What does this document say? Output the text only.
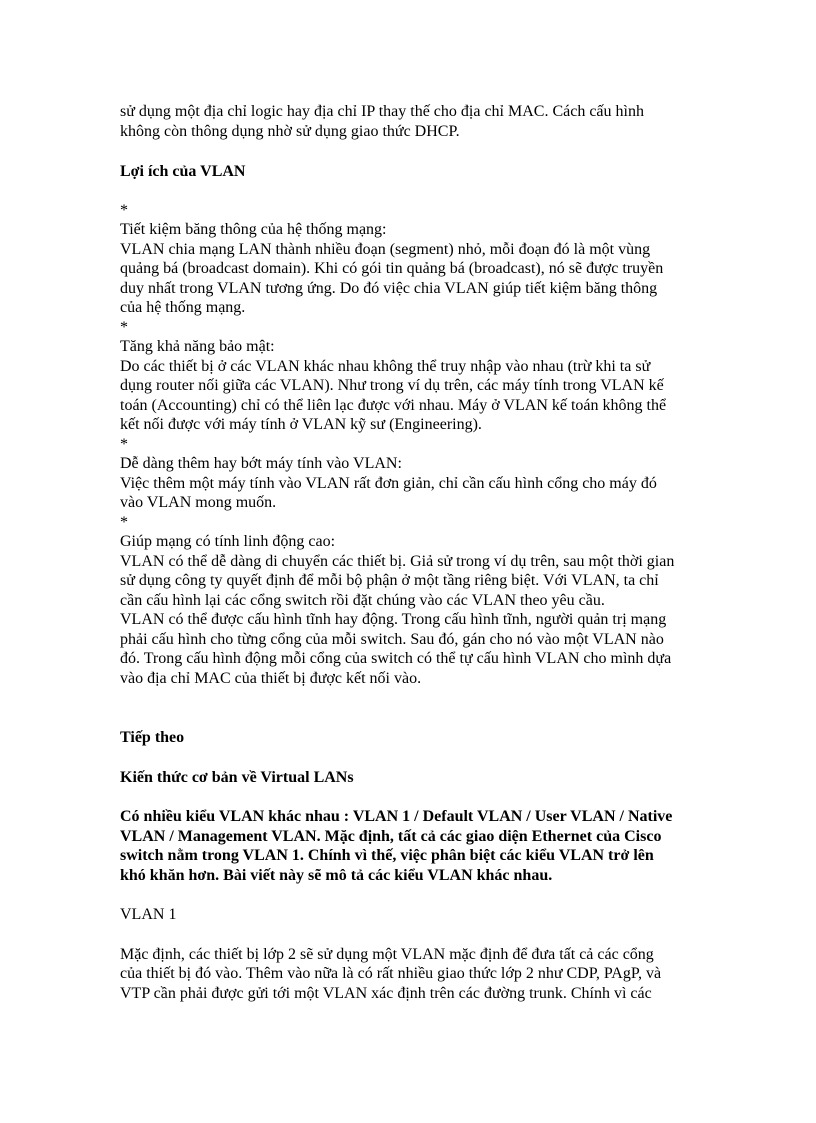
sử dụng một địa chỉ logic hay địa chỉ IP thay thế cho địa chỉ MAC. Cách cấu hình
không còn thông dụng nhờ sử dụng giao thức DHCP.

Lợi ích của VLAN

*
Tiết kiệm băng thông của hệ thống mạng:
VLAN chia mạng LAN thành nhiều đoạn (segment) nhỏ, mỗi đoạn đó là một vùng
quảng bá (broadcast domain). Khi có gói tin quảng bá (broadcast), nó sẽ được truyền
duy nhất trong VLAN tương ứng. Do đó việc chia VLAN giúp tiết kiệm băng thông
của hệ thống mạng.

*
Tăng khả năng bảo mật:
Do các thiết bị ở các VLAN khác nhau không thể truy nhập vào nhau (trừ khi ta sử
dụng router nối giữa các VLAN). Như trong ví dụ trên, các máy tính trong VLAN kế
toán (Accounting) chỉ có thể liên lạc được với nhau. Máy ở VLAN kế toán không thể
kết nối được với máy tính ở VLAN kỹ sư (Engineering).

*
Dễ dàng thêm hay bớt máy tính vào VLAN:
Việc thêm một máy tính vào VLAN rất đơn giản, chỉ cần cấu hình cổng cho máy đó
vào VLAN mong muốn.

*
Giúp mạng có tính linh động cao:
VLAN có thể dễ dàng di chuyển các thiết bị. Giả sử trong ví dụ trên, sau một thời gian
sử dụng công ty quyết định để mỗi bộ phận ở một tầng riêng biệt. Với VLAN, ta chỉ
cần cấu hình lại các cổng switch rồi đặt chúng vào các VLAN theo yêu cầu.
VLAN có thể được cấu hình tĩnh hay động. Trong cấu hình tĩnh, người quản trị mạng
phải cấu hình cho từng cổng của mỗi switch. Sau đó, gán cho nó vào một VLAN nào
đó. Trong cấu hình động mỗi cổng của switch có thể tự cấu hình VLAN cho mình dựa
vào địa chỉ MAC của thiết bị được kết nối vào.

Tiếp theo

Kiến thức cơ bản về Virtual LANs

Có nhiều kiểu VLAN khác nhau : VLAN 1 / Default VLAN / User VLAN / Native
VLAN / Management VLAN. Mặc định, tất cả các giao diện Ethernet của Cisco
switch nằm trong VLAN 1. Chính vì thế, việc phân biệt các kiểu VLAN trở lên
khó khăn hơn. Bài viết này sẽ mô tả các kiểu VLAN khác nhau.

VLAN 1

Mặc định, các thiết bị lớp 2 sẽ sử dụng một VLAN mặc định để đưa tất cả các cổng
của thiết bị đó vào. Thêm vào nữa là có rất nhiều giao thức lớp 2 như CDP, PAgP, và
VTP cần phải được gửi tới một VLAN xác định trên các đường trunk. Chính vì các
